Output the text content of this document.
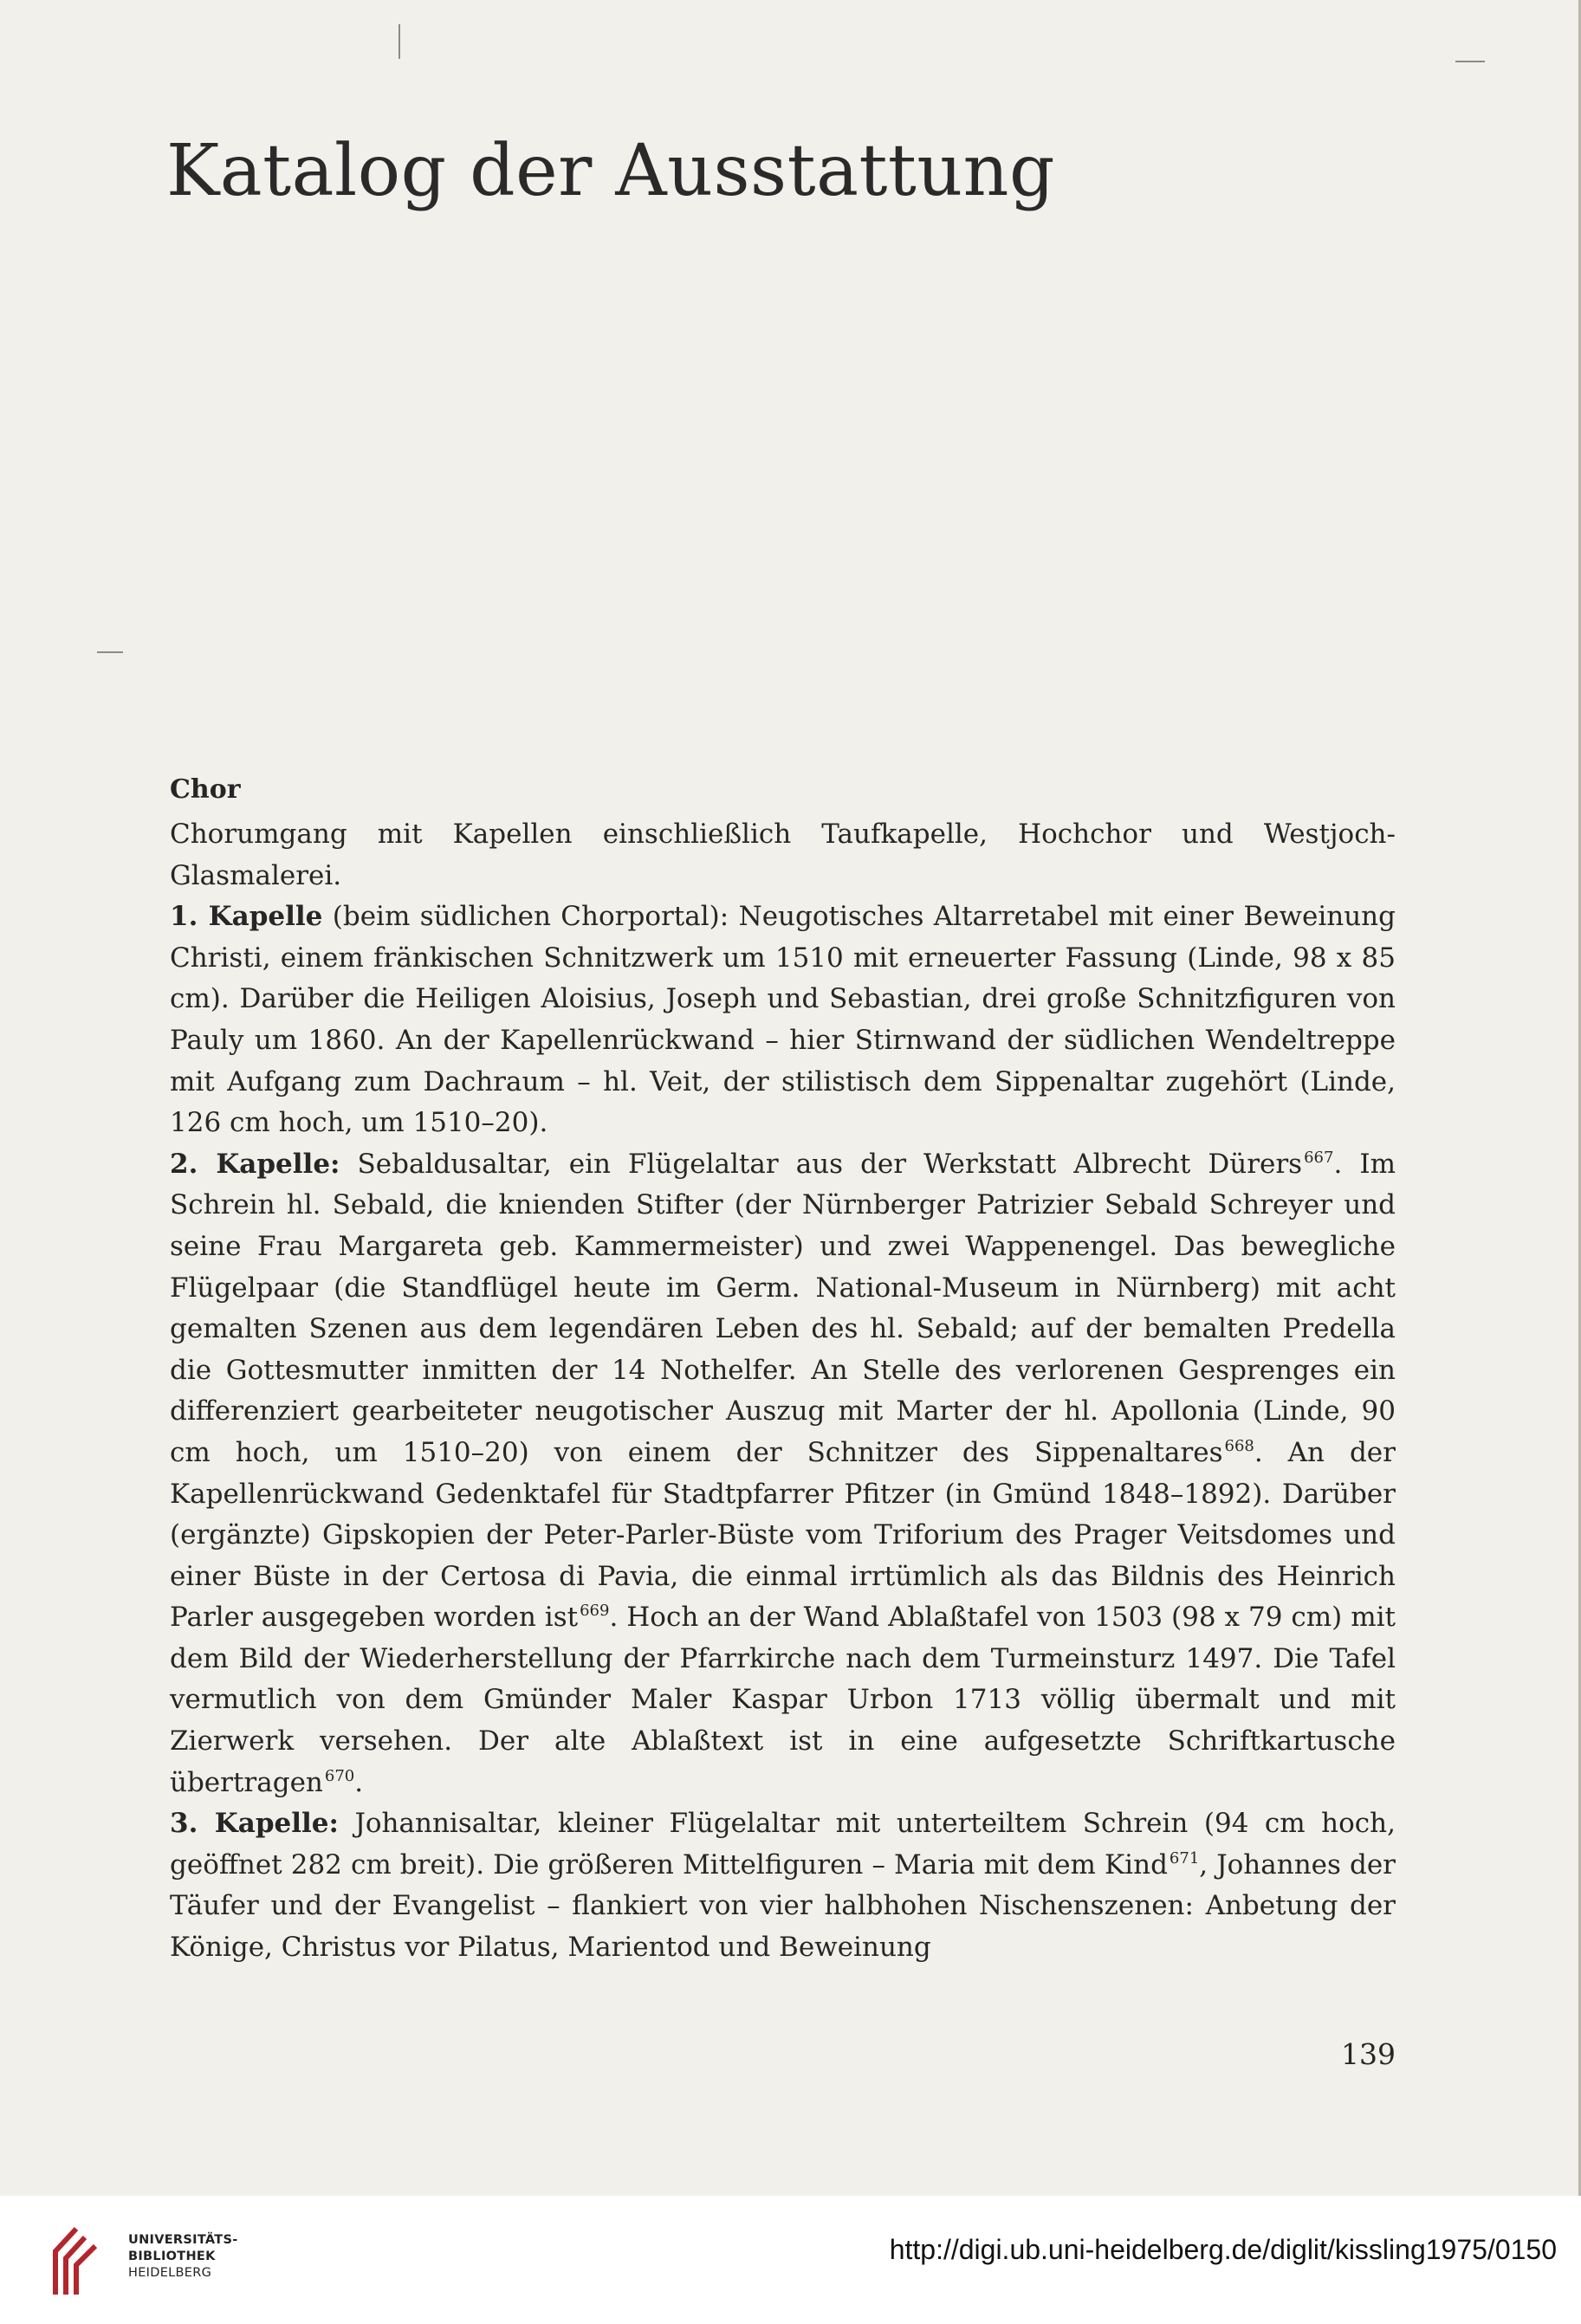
Katalog der Ausstattung
Chor

Chorumgang mit Kapellen einschließlich Taufkapelle, Hochchor und Westjoch-Glasmalerei.

1. Kapelle (beim südlichen Chorportal): Neugotisches Altarretabel mit einer Beweinung Christi, einem fränkischen Schnitzwerk um 1510 mit erneuerter Fassung (Linde, 98 x 85 cm). Darüber die Heiligen Aloisius, Joseph und Sebastian, drei große Schnitzfiguren von Pauly um 1860. An der Kapellenrückwand – hier Stirnwand der südlichen Wendeltreppe mit Aufgang zum Dachraum – hl. Veit, der stilistisch dem Sippenaltar zugehört (Linde, 126 cm hoch, um 1510–20).

2. Kapelle: Sebaldusaltar, ein Flügelaltar aus der Werkstatt Albrecht Dürers $^{667}$. Im Schrein hl. Sebald, die knienden Stifter (der Nürnberger Patrizier Sebald Schreyer und seine Frau Margareta geb. Kammermeister) und zwei Wappenengel. Das bewegliche Flügelpaar (die Standflügel heute im Germ. National-Museum in Nürnberg) mit acht gemalten Szenen aus dem legendären Leben des hl. Sebald; auf der bemalten Predella die Gottesmutter inmitten der 14 Nothelfer. An Stelle des verlorenen Gesprenges ein differenziert gearbeiteter neugotischer Auszug mit Marter der hl. Apollonia (Linde, 90 cm hoch, um 1510–20) von einem der Schnitzer des Sippenaltares $^{668}$. An der Kapellenrückwand Gedenktafel für Stadtpfarrer Pfitzer (in Gmünd 1848–1892). Darüber (ergänzte) Gipskopien der Peter-Parler-Büste vom Triforium des Prager Veitsdomes und einer Büste in der Certosa di Pavia, die einmal irrtümlich als das Bildnis des Heinrich Parler ausgegeben worden ist $^{669}$. Hoch an der Wand Ablaßtafel von 1503 (98 x 79 cm) mit dem Bild der Wiederherstellung der Pfarrkirche nach dem Turmeinsturz 1497. Die Tafel vermutlich von dem Gmünder Maler Kaspar Urbon 1713 völlig übermalt und mit Zierwerk versehen. Der alte Ablaßtext ist in eine aufgesetzte Schriftkartusche übertragen $^{670}$.

3. Kapelle: Johannisaltar, kleiner Flügelaltar mit unterteiltem Schrein (94 cm hoch, geöffnet 282 cm breit). Die größeren Mittelfiguren – Maria mit dem Kind $^{671}$, Johannes der Täufer und der Evangelist – flankiert von vier halbhohen Nischenszenen: Anbetung der Könige, Christus vor Pilatus, Marientod und Beweinung

139
UNIVERSITÄTS-
BIBLIOTHEK
HEIDELBERG
http://digi.ub.uni-heidelberg.de/diglit/kissling1975/0150
